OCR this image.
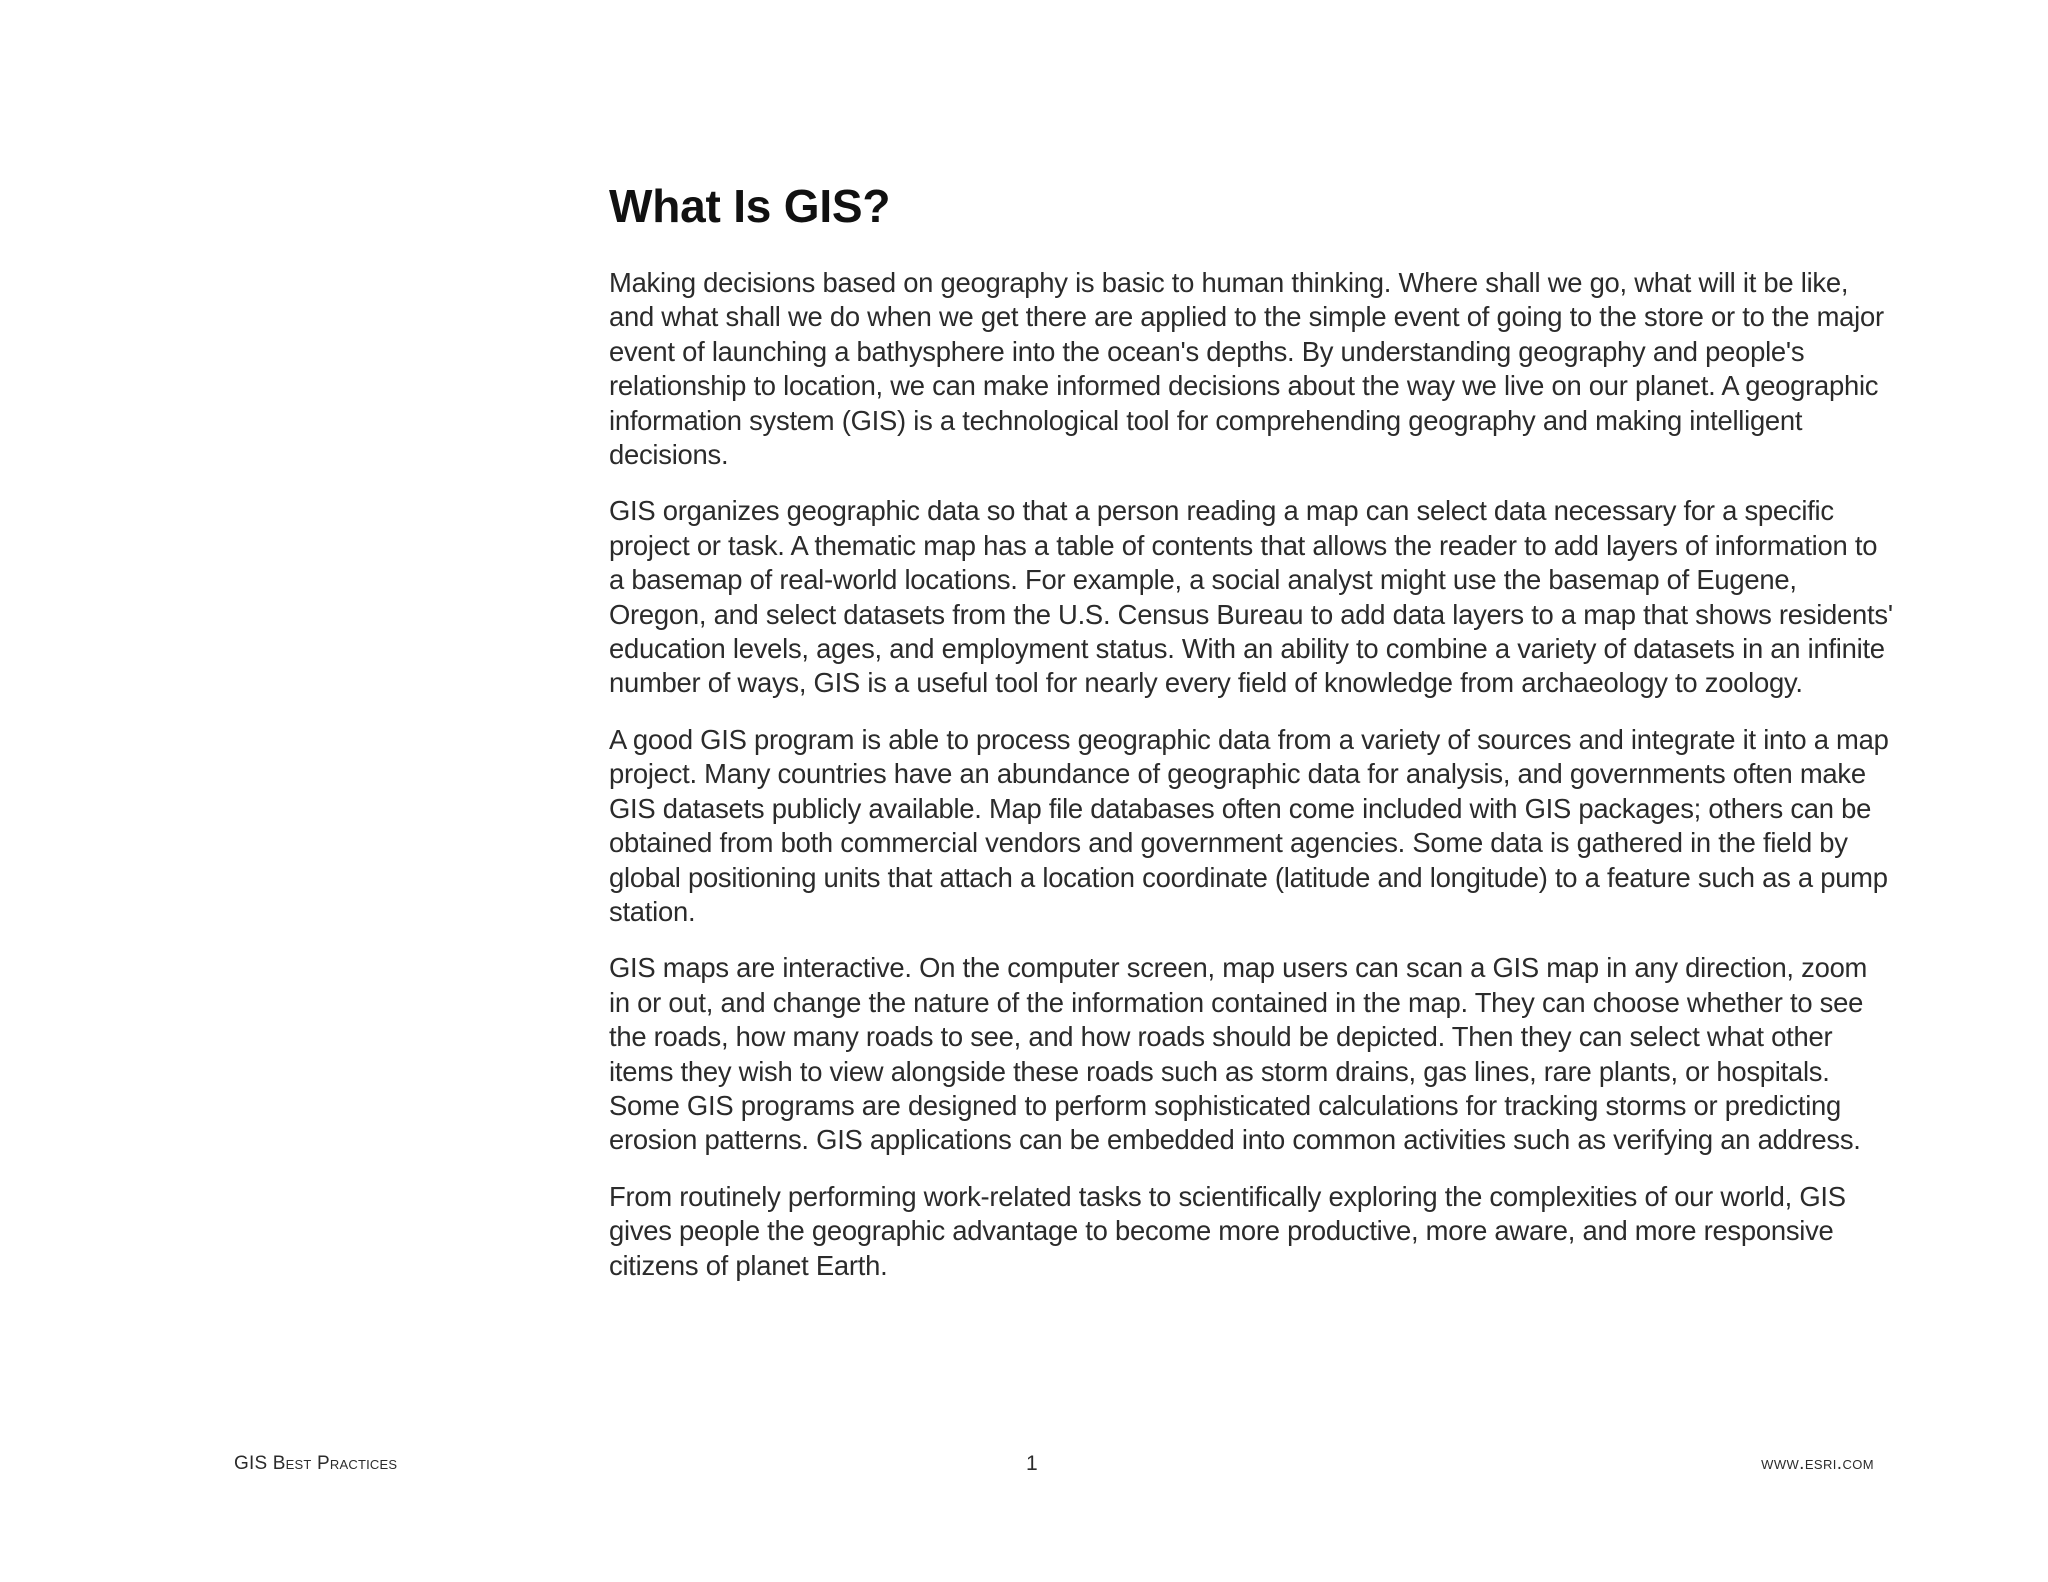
What Is GIS?

Making decisions based on geography is basic to human thinking. Where shall we go, what will it be like, and what shall we do when we get there are applied to the simple event of going to the store or to the major event of launching a bathysphere into the ocean's depths. By understanding geography and people's relationship to location, we can make informed decisions about the way we live on our planet. A geographic information system (GIS) is a technological tool for comprehending geography and making intelligent decisions.

GIS organizes geographic data so that a person reading a map can select data necessary for a specific project or task. A thematic map has a table of contents that allows the reader to add layers of information to a basemap of real-world locations. For example, a social analyst might use the basemap of Eugene, Oregon, and select datasets from the U.S. Census Bureau to add data layers to a map that shows residents' education levels, ages, and employment status. With an ability to combine a variety of datasets in an infinite number of ways, GIS is a useful tool for nearly every field of knowledge from archaeology to zoology.

A good GIS program is able to process geographic data from a variety of sources and integrate it into a map project. Many countries have an abundance of geographic data for analysis, and governments often make GIS datasets publicly available. Map file databases often come included with GIS packages; others can be obtained from both commercial vendors and government agencies. Some data is gathered in the field by global positioning units that attach a location coordinate (latitude and longitude) to a feature such as a pump station.

GIS maps are interactive. On the computer screen, map users can scan a GIS map in any direction, zoom in or out, and change the nature of the information contained in the map. They can choose whether to see the roads, how many roads to see, and how roads should be depicted. Then they can select what other items they wish to view alongside these roads such as storm drains, gas lines, rare plants, or hospitals. Some GIS programs are designed to perform sophisticated calculations for tracking storms or predicting erosion patterns. GIS applications can be embedded into common activities such as verifying an address.

From routinely performing work-related tasks to scientifically exploring the complexities of our world, GIS gives people the geographic advantage to become more productive, more aware, and more responsive citizens of planet Earth.

GIS Best Practices	1	www.esri.com
